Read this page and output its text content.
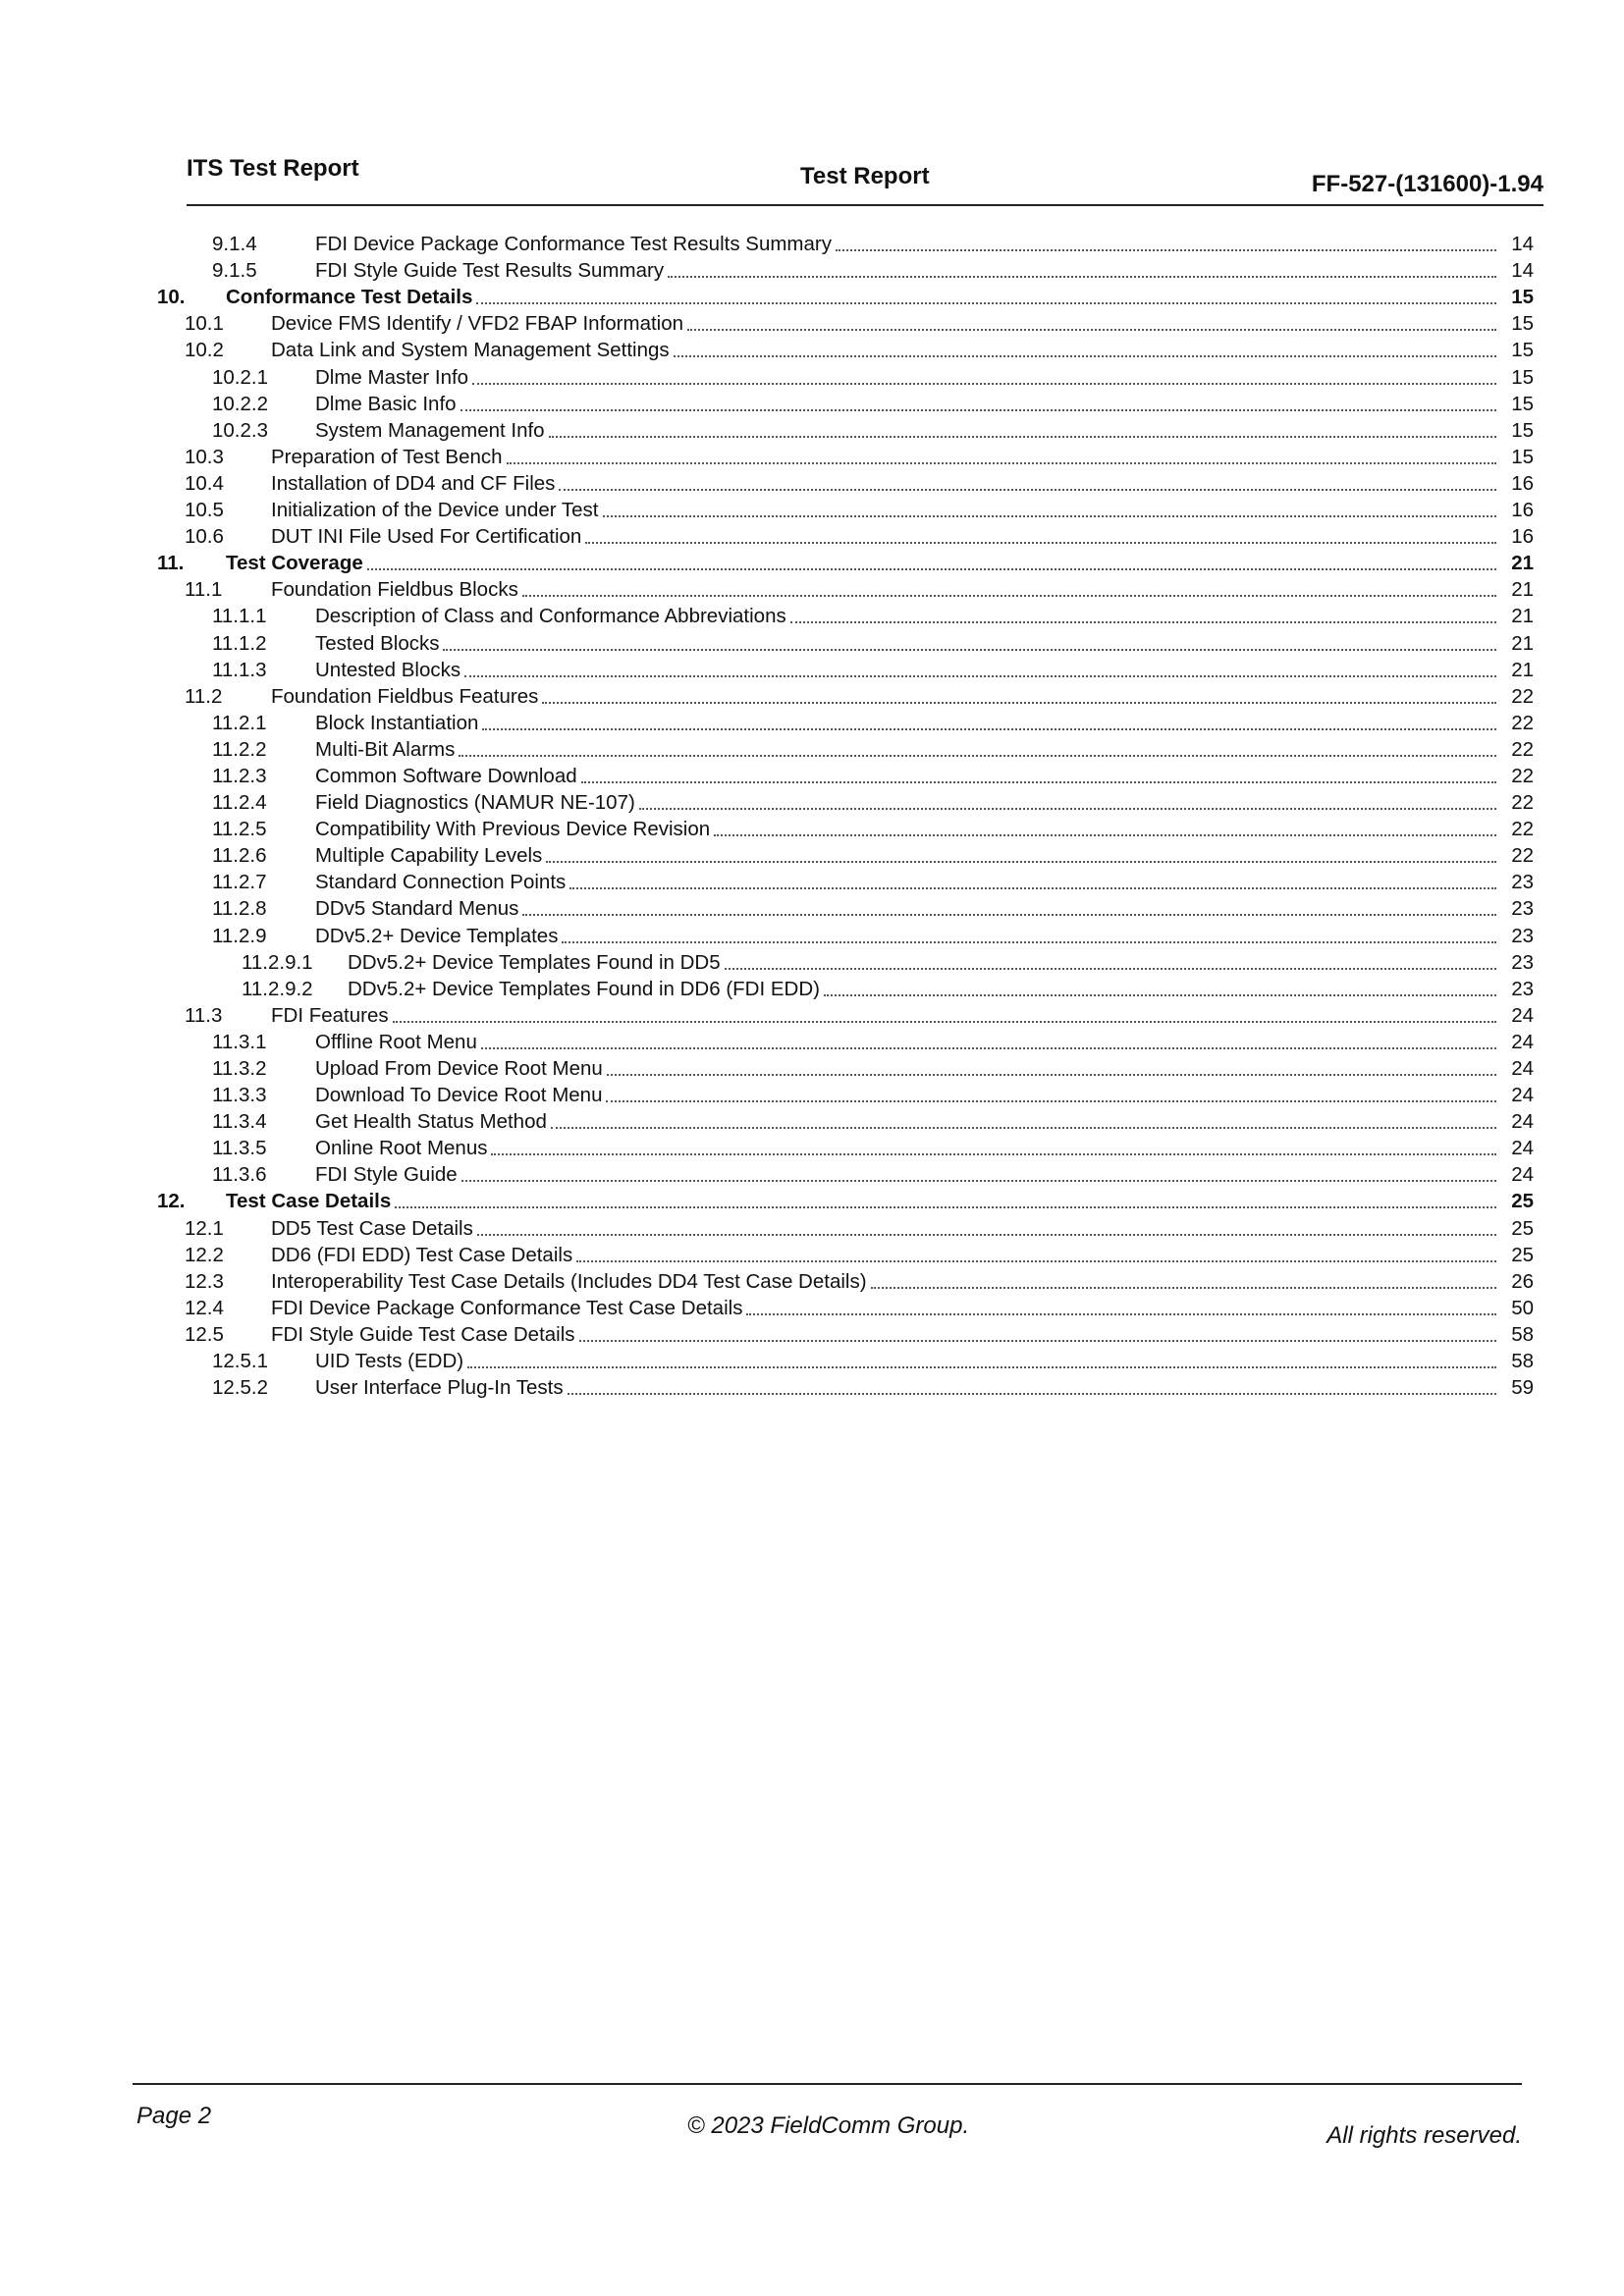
ITS Test Report	Test Report	FF-527-(131600)-1.94
9.1.4	FDI Device Package Conformance Test Results Summary	14
9.1.5	FDI Style Guide Test Results Summary	14
10.	Conformance Test Details	15
10.1	Device FMS Identify / VFD2 FBAP Information	15
10.2	Data Link and System Management Settings	15
10.2.1	Dlme Master Info	15
10.2.2	Dlme Basic Info	15
10.2.3	System Management Info	15
10.3	Preparation of Test Bench	15
10.4	Installation of DD4 and CF Files	16
10.5	Initialization of the Device under Test	16
10.6	DUT INI File Used For Certification	16
11.	Test Coverage	21
11.1	Foundation Fieldbus Blocks	21
11.1.1	Description of Class and Conformance Abbreviations	21
11.1.2	Tested Blocks	21
11.1.3	Untested Blocks	21
11.2	Foundation Fieldbus Features	22
11.2.1	Block Instantiation	22
11.2.2	Multi-Bit Alarms	22
11.2.3	Common Software Download	22
11.2.4	Field Diagnostics (NAMUR NE-107)	22
11.2.5	Compatibility With Previous Device Revision	22
11.2.6	Multiple Capability Levels	22
11.2.7	Standard Connection Points	23
11.2.8	DDv5 Standard Menus	23
11.2.9	DDv5.2+ Device Templates	23
11.2.9.1	DDv5.2+ Device Templates Found in DD5	23
11.2.9.2	DDv5.2+ Device Templates Found in DD6 (FDI EDD)	23
11.3	FDI Features	24
11.3.1	Offline Root Menu	24
11.3.2	Upload From Device Root Menu	24
11.3.3	Download To Device Root Menu	24
11.3.4	Get Health Status Method	24
11.3.5	Online Root Menus	24
11.3.6	FDI Style Guide	24
12.	Test Case Details	25
12.1	DD5 Test Case Details	25
12.2	DD6 (FDI EDD) Test Case Details	25
12.3	Interoperability Test Case Details (Includes DD4 Test Case Details)	26
12.4	FDI Device Package Conformance Test Case Details	50
12.5	FDI Style Guide Test Case Details	58
12.5.1	UID Tests (EDD)	58
12.5.2	User Interface Plug-In Tests	59
Page 2	© 2023 FieldComm Group.	All rights reserved.
